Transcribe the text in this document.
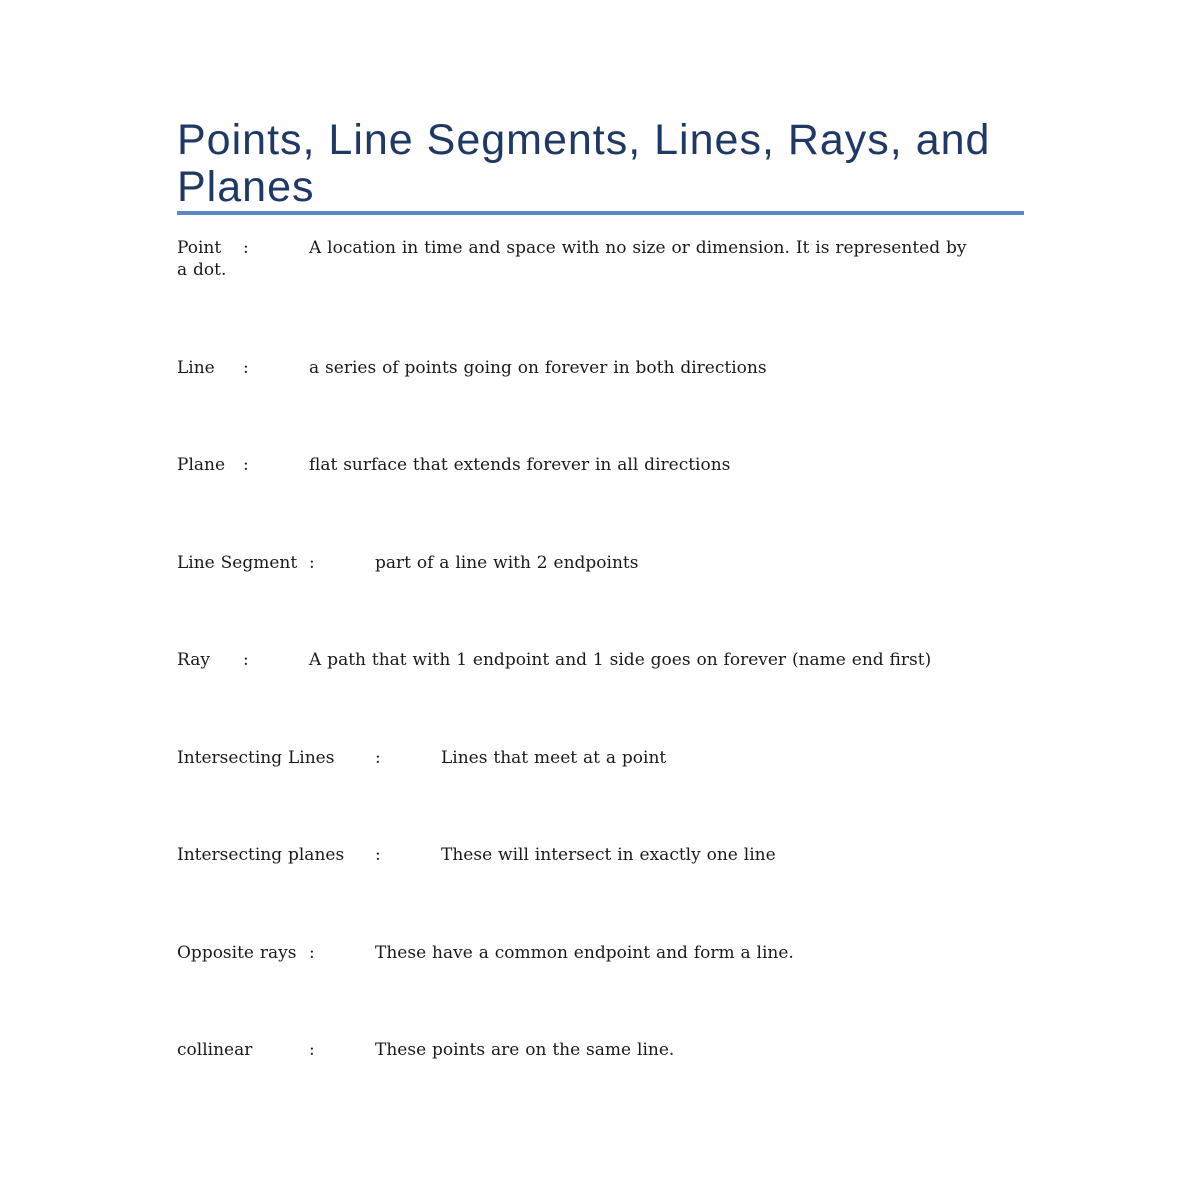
Points, Line Segments, Lines, Rays, and Planes

Point	:		A location in time and space with no size or dimension. It is represented by a dot.

Line	:		a series of points going on forever in both directions

Plane	:		flat surface that extends forever in all directions

Line Segment	:		part of a line with 2 endpoints

Ray	:		A path that with 1 endpoint and 1 side goes on forever (name end first)

Intersecting Lines	:		Lines that meet at a point

Intersecting planes	:		These will intersect in exactly one line

Opposite rays	:		These have a common endpoint and form a line.

collinear		:		These points are on the same line.
